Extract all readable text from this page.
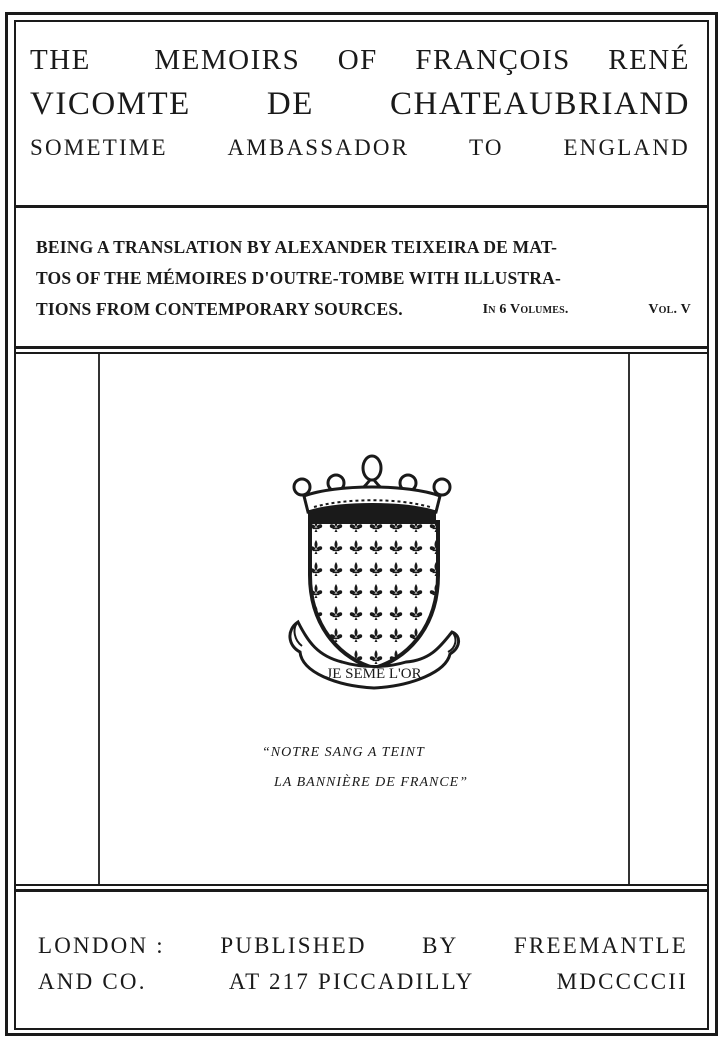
THE MEMOIRS OF FRANÇOIS RENÉ
VICOMTE DE CHATEAUBRIAND
SOMETIME	AMBASSADOR	TO	ENGLAND
BEING A TRANSLATION BY ALEXANDER TEIXEIRA DE MAT-
TOS OF THE MÉMOIRES D'OUTRE-TOMBE WITH ILLUSTRA-
TIONS FROM CONTEMPORARY SOURCES.	In 6 Volumes.	Vol. V
JE SEME L'OR
“NOTRE SANG A TEINT
LA BANNIÈRE DE FRANCE”
LONDON : PUBLISHED BY FREEMANTLE
AND CO.	AT 217 PICCADILLY	MDCCCCII
